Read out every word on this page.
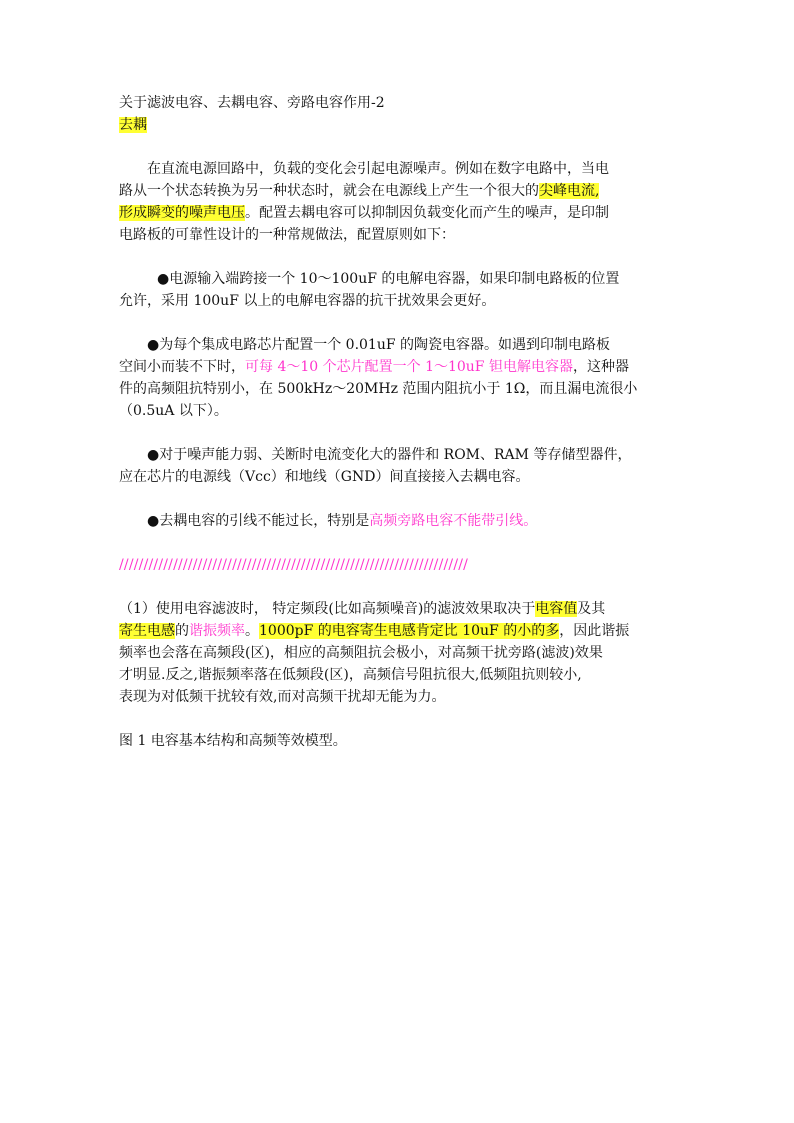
关于滤波电容、去耦电容、旁路电容作用-2

去耦

在直流电源回路中，负载的变化会引起电源噪声。例如在数字电路中，当电

路从一个状态转换为另一种状态时，就会在电源线上产生一个很大的尖峰电流,

形成瞬变的噪声电压。配置去耦电容可以抑制因负载变化而产生的噪声，是印制

电路板的可靠性设计的一种常规做法，配置原则如下：

●电源输入端跨接一个 10～100uF 的电解电容器，如果印制电路板的位置

允许，采用 100uF 以上的电解电容器的抗干扰效果会更好。

●为每个集成电路芯片配置一个 0.01uF 的陶瓷电容器。如遇到印制电路板

空间小而装不下时，可每 4～10 个芯片配置一个 1～10uF 钽电解电容器，这种器

件的高频阻抗特别小，在 500kHz～20MHz 范围内阻抗小于 1Ω，而且漏电流很小

（0.5uA 以下）。

●对于噪声能力弱、关断时电流变化大的器件和 ROM、RAM 等存储型器件，

应在芯片的电源线（Vcc）和地线（GND）间直接接入去耦电容。

●去耦电容的引线不能过长，特别是高频旁路电容不能带引线。

///////////////////////////////////////////////////////////////////////

（1）使用电容滤波时， 特定频段(比如高频噪音)的滤波效果取决于电容值及其

寄生电感的谐振频率。1000pF 的电容寄生电感肯定比 10uF 的小的多，因此谐振

频率也会落在高频段(区)，相应的高频阻抗会极小，对高频干扰旁路(滤波)效果

才明显.反之,谐振频率落在低频段(区)，高频信号阻抗很大,低频阻抗则较小,

表现为对低频干扰较有效,而对高频干扰却无能为力。

图 1 电容基本结构和高频等效模型。
